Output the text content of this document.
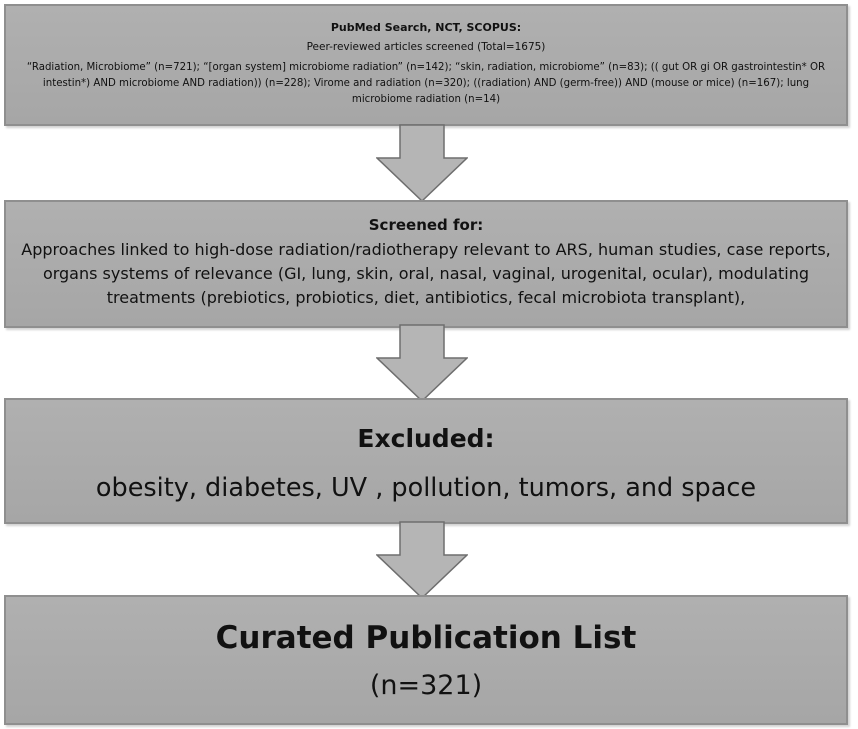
PubMed Search, NCT, SCOPUS:
Peer-reviewed articles screened (Total=1675)
“Radiation, Microbiome” (n=721); “[organ system] microbiome radiation” (n=142); “skin, radiation, microbiome” (n=83); (( gut OR gi OR gastrointestin* OR intestin*) AND microbiome AND radiation)) (n=228); Virome and radiation (n=320); ((radiation) AND (germ-free)) AND (mouse or mice) (n=167); lung microbiome radiation (n=14)
Screened for:
Approaches linked to high-dose radiation/radiotherapy relevant to ARS, human studies, case reports, organs systems of relevance (GI, lung, skin, oral, nasal, vaginal, urogenital, ocular), modulating treatments (prebiotics, probiotics, diet, antibiotics, fecal microbiota transplant),
Excluded:
obesity, diabetes, UV , pollution, tumors, and space
Curated Publication List
(n=321)
